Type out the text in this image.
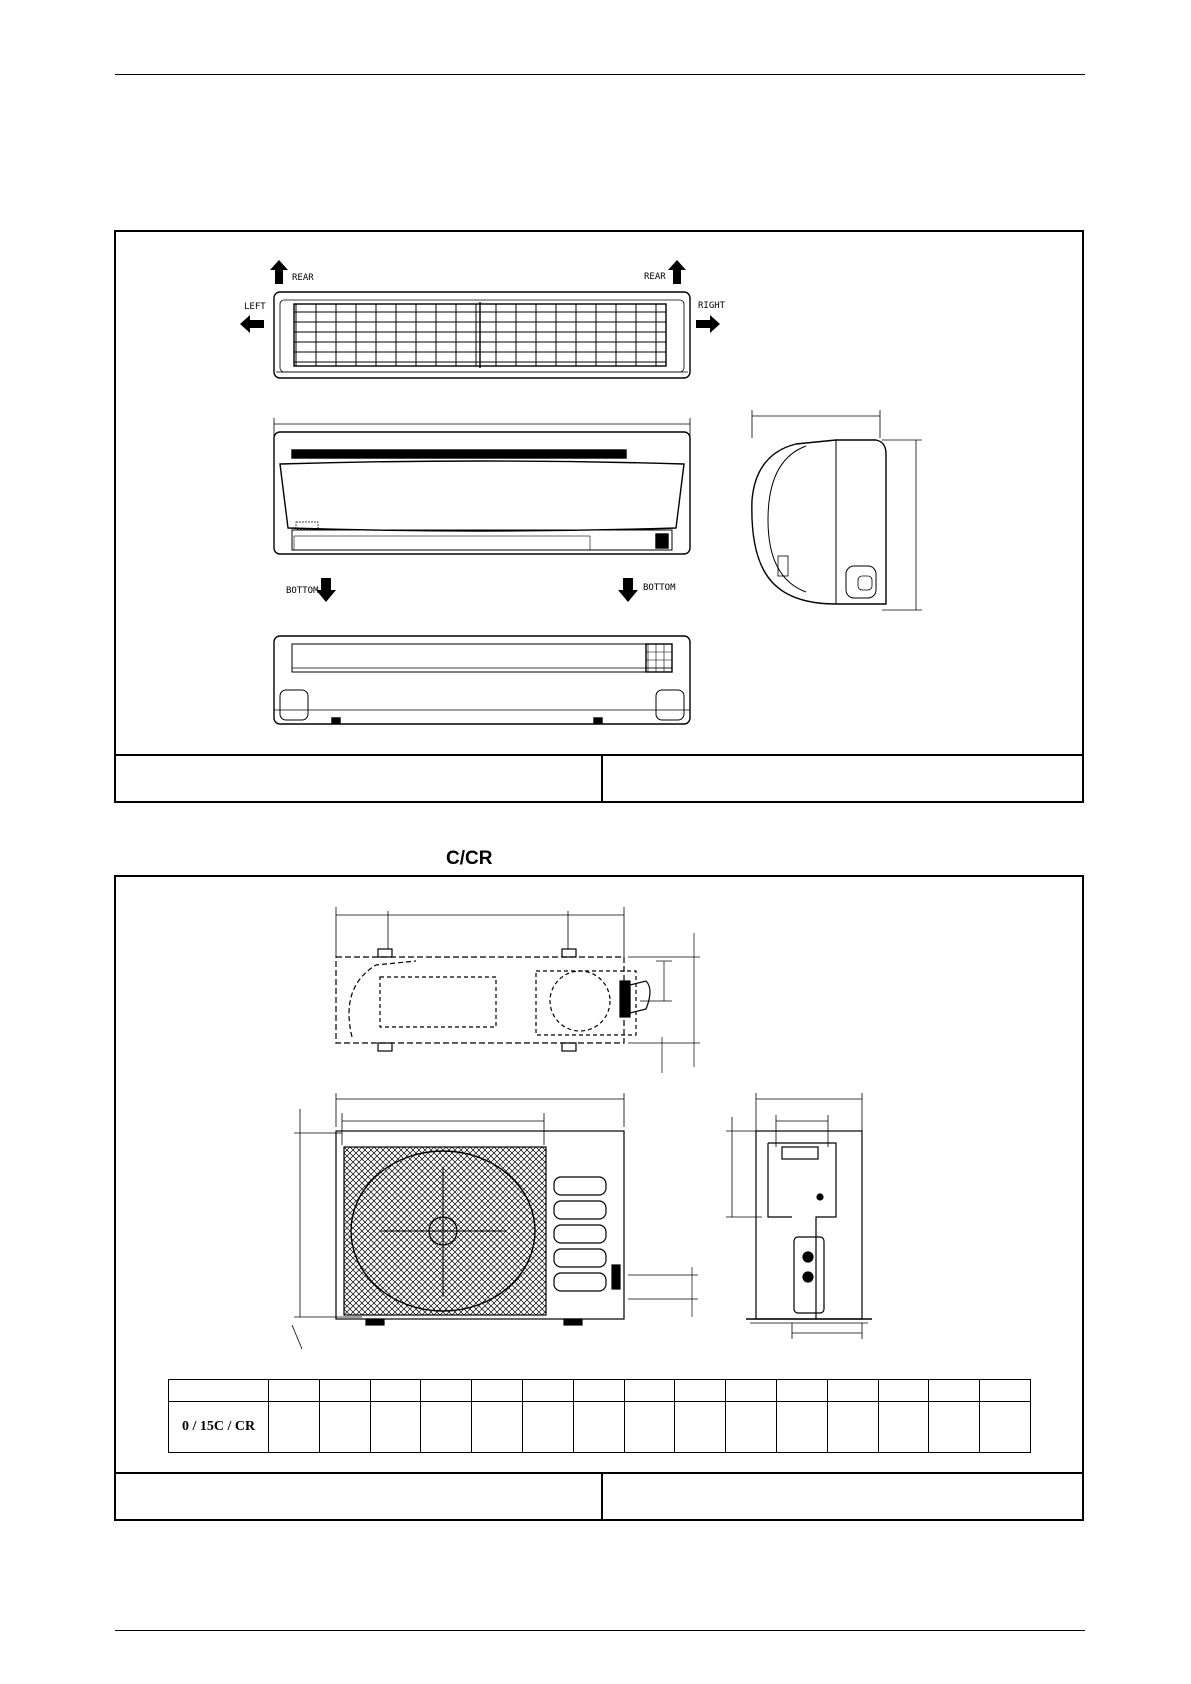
REAR	REAR
LEFT	RIGHT
BOTTOM	BOTTOM
C/CR

0 / 15C / CR															
